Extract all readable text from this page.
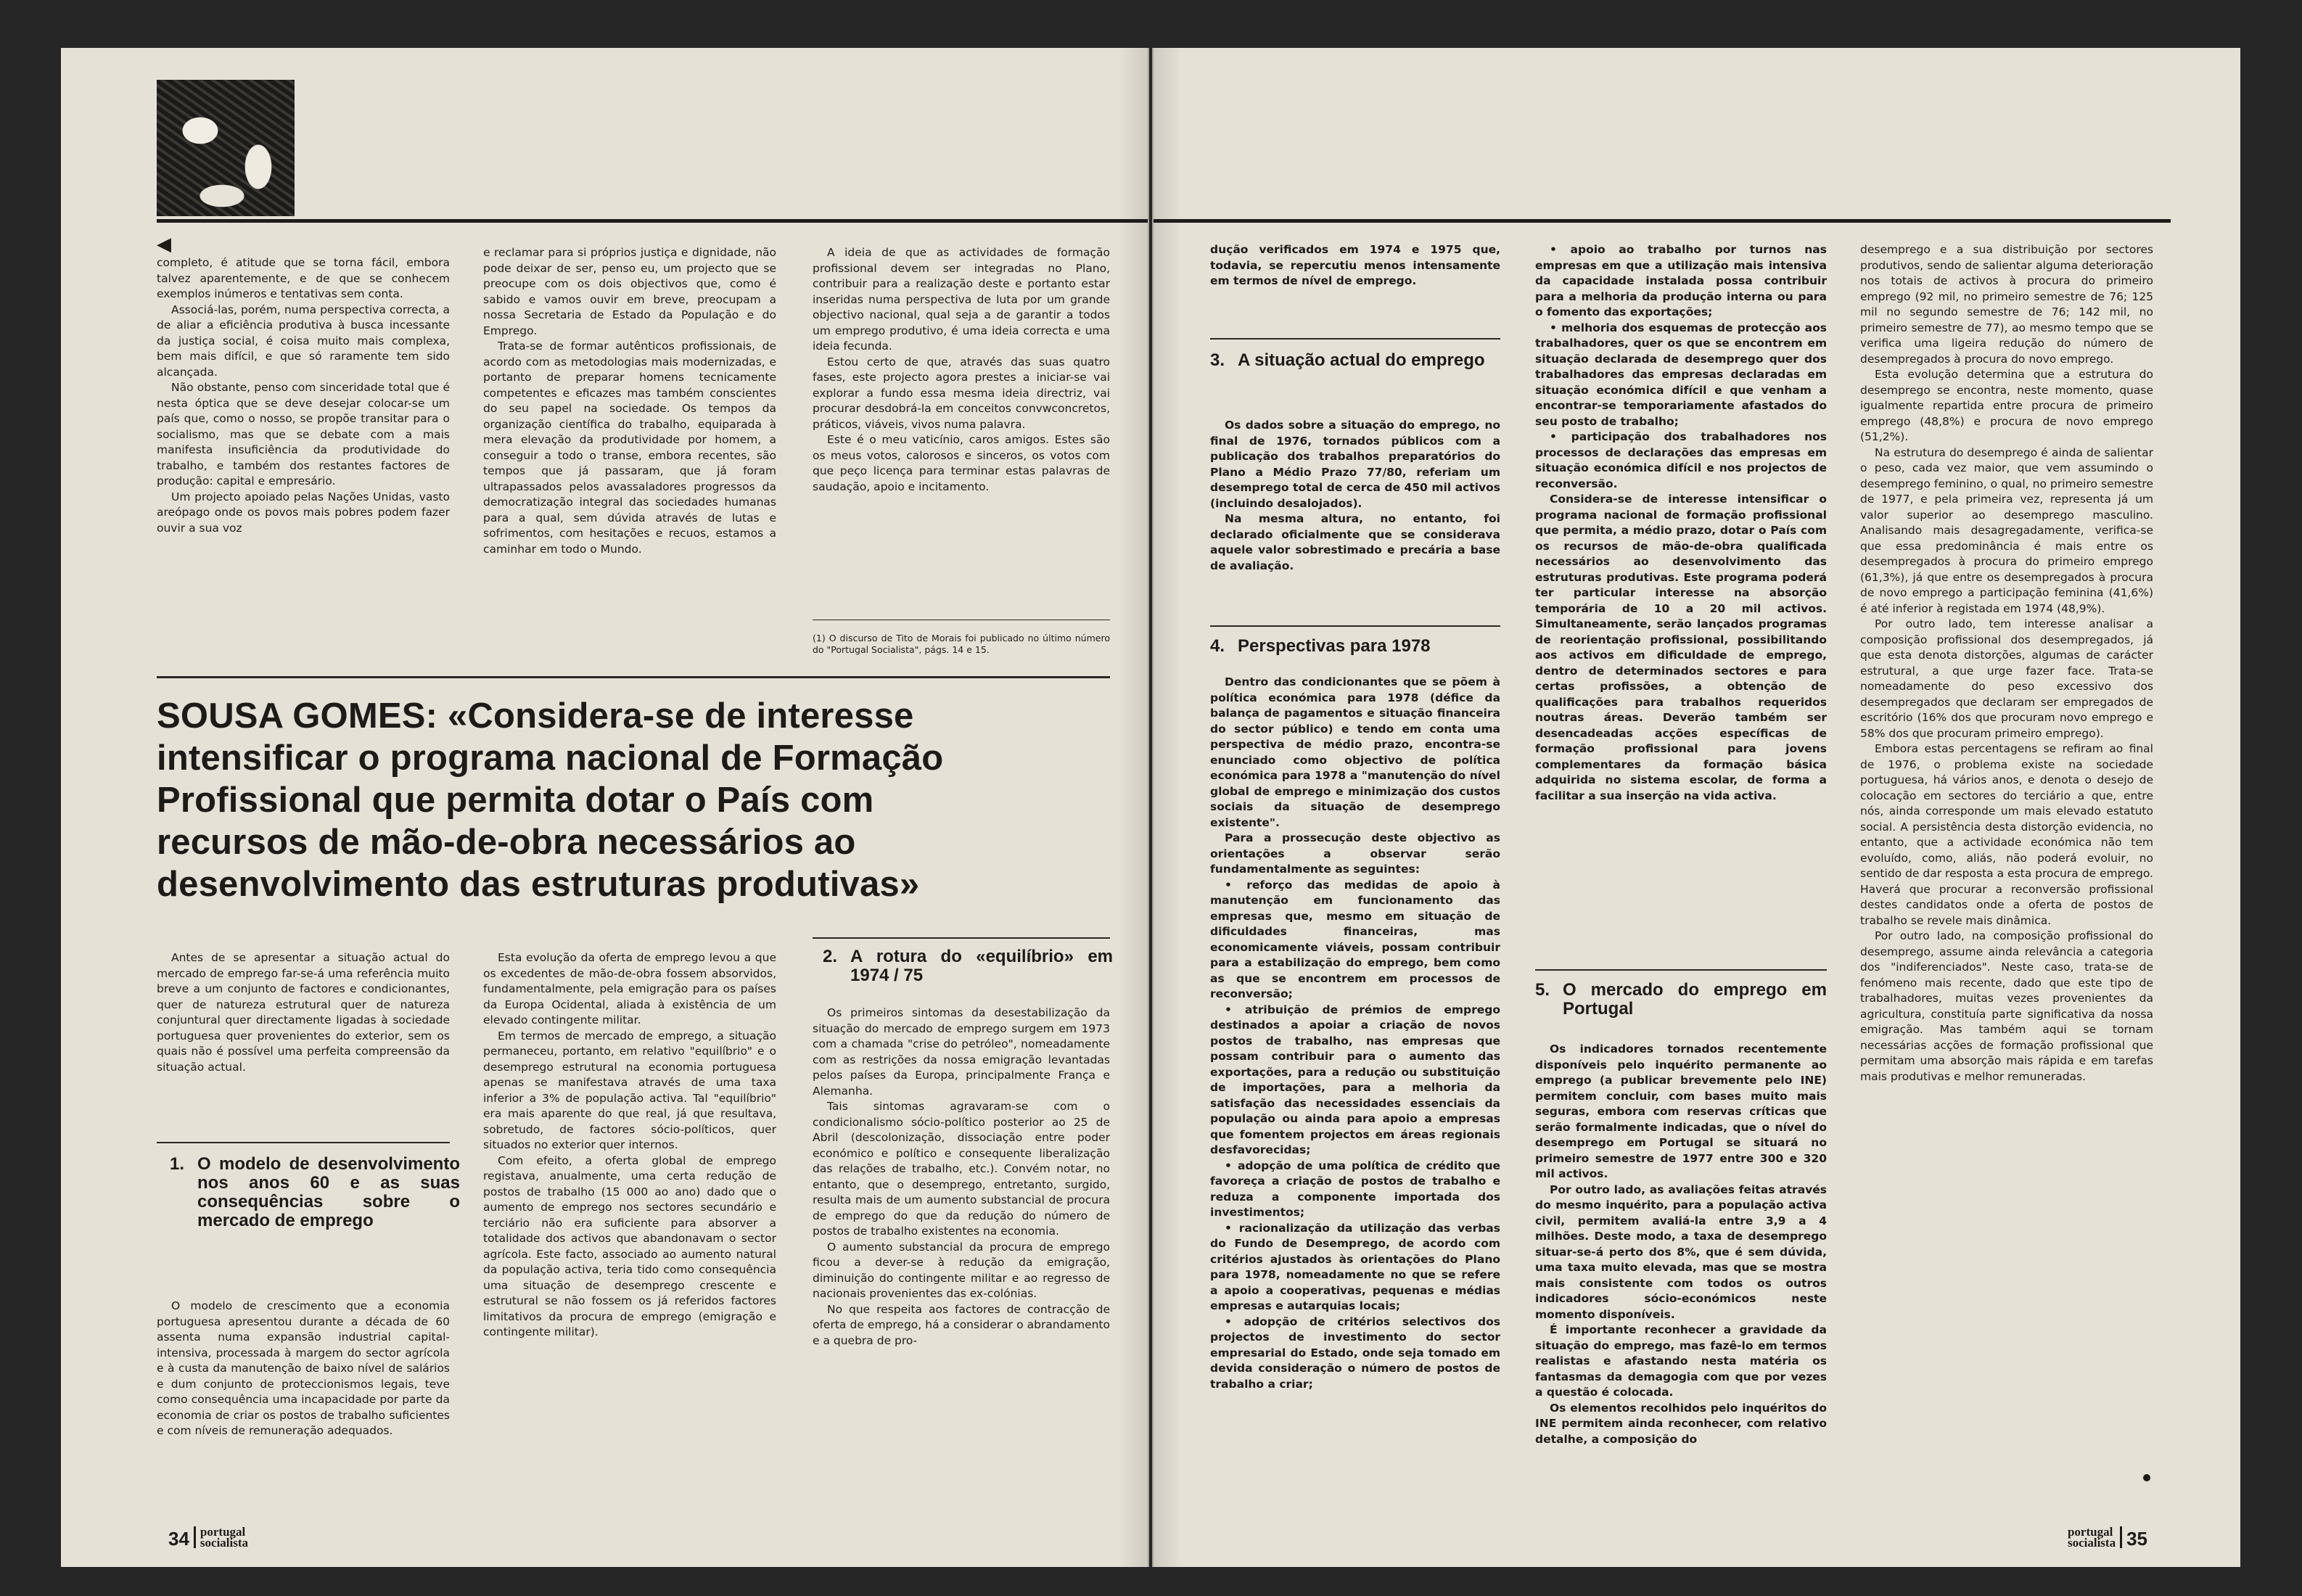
◀

completo, é atitude que se torna fácil, embora talvez aparentemente, e de que se conhecem exemplos inúmeros e tentativas sem conta.

Associá-las, porém, numa perspectiva correcta, a de aliar a eficiência produtiva à busca incessante da justiça social, é coisa muito mais complexa, bem mais difícil, e que só raramente tem sido alcançada.

Não obstante, penso com sinceridade total que é nesta óptica que se deve desejar colocar-se um país que, como o nosso, se propõe transitar para o socialismo, mas que se debate com a mais manifesta insuficiência da produtividade do trabalho, e também dos restantes factores de produção: capital e empresário.

Um projecto apoiado pelas Nações Unidas, vasto areópago onde os povos mais pobres podem fazer ouvir a sua voz

e reclamar para si próprios justiça e dignidade, não pode deixar de ser, penso eu, um projecto que se preocupe com os dois objectivos que, como é sabido e vamos ouvir em breve, preocupam a nossa Secretaria de Estado da População e do Emprego.

Trata-se de formar autênticos profissionais, de acordo com as metodologias mais modernizadas, e portanto de preparar homens tecnicamente competentes e eficazes mas também conscientes do seu papel na sociedade. Os tempos da organização científica do trabalho, equiparada à mera elevação da produtividade por homem, a conseguir a todo o transe, embora recentes, são tempos que já passaram, que já foram ultrapassados pelos avassaladores progressos da democratização integral das sociedades humanas para a qual, sem dúvida através de lutas e sofrimentos, com hesitações e recuos, estamos a caminhar em todo o Mundo.

A ideia de que as actividades de formação profissional devem ser integradas no Plano, contribuir para a realização deste e portanto estar inseridas numa perspectiva de luta por um grande objectivo nacional, qual seja a de garantir a todos um emprego produtivo, é uma ideia correcta e uma ideia fecunda.

Estou certo de que, através das suas quatro fases, este projecto agora prestes a iniciar-se vai explorar a fundo essa mesma ideia directriz, vai procurar desdobrá-la em conceitos convwconcretos, práticos, viáveis, vivos numa palavra.

Este é o meu vaticínio, caros amigos. Estes são os meus votos, calorosos e sinceros, os votos com que peço licença para terminar estas palavras de saudação, apoio e incitamento.

(1) O discurso de Tito de Morais foi publicado no último número do "Portugal Socialista", págs. 14 e 15.

SOUSA GOMES: «Considera-se de interesse intensificar o programa nacional de Formação Profissional que permita dotar o País com recursos de mão-de-obra necessários ao desenvolvimento das estruturas produtivas»

Antes de se apresentar a situação actual do mercado de emprego far-se-á uma referência muito breve a um conjunto de factores e condicionantes, quer de natureza estrutural quer de natureza conjuntural quer directamente ligadas à sociedade portuguesa quer provenientes do exterior, sem os quais não é possível uma perfeita compreensão da situação actual.

1. O modelo de desenvolvimento nos anos 60 e as suas consequências sobre o mercado de emprego

O modelo de crescimento que a economia portuguesa apresentou durante a década de 60 assenta numa expansão industrial capital-intensiva, processada à margem do sector agrícola e à custa da manutenção de baixo nível de salários e dum conjunto de proteccionismos legais, teve como consequência uma incapacidade por parte da economia de criar os postos de trabalho suficientes e com níveis de remuneração adequados.

Esta evolução da oferta de emprego levou a que os excedentes de mão-de-obra fossem absorvidos, fundamentalmente, pela emigração para os países da Europa Ocidental, aliada à existência de um elevado contingente militar.

Em termos de mercado de emprego, a situação permaneceu, portanto, em relativo "equilíbrio" e o desemprego estrutural na economia portuguesa apenas se manifestava através de uma taxa inferior a 3% de população activa. Tal "equilíbrio" era mais aparente do que real, já que resultava, sobretudo, de factores sócio-políticos, quer situados no exterior quer internos.

Com efeito, a oferta global de emprego registava, anualmente, uma certa redução de postos de trabalho (15 000 ao ano) dado que o aumento de emprego nos sectores secundário e terciário não era suficiente para absorver a totalidade dos activos que abandonavam o sector agrícola. Este facto, associado ao aumento natural da população activa, teria tido como consequência uma situação de desemprego crescente e estrutural se não fossem os já referidos factores limitativos da procura de emprego (emigração e contingente militar).

2. A rotura do «equilíbrio» em 1974 / 75

Os primeiros sintomas da desestabilização da situação do mercado de emprego surgem em 1973 com a chamada "crise do petróleo", nomeadamente com as restrições da nossa emigração levantadas pelos países da Europa, principalmente França e Alemanha.

Tais sintomas agravaram-se com o condicionalismo sócio-político posterior ao 25 de Abril (descolonização, dissociação entre poder económico e político e consequente liberalização das relações de trabalho, etc.). Convém notar, no entanto, que o desemprego, entretanto, surgido, resulta mais de um aumento substancial de procura de emprego do que da redução do número de postos de trabalho existentes na economia.

O aumento substancial da procura de emprego ficou a dever-se à redução da emigração, diminuição do contingente militar e ao regresso de nacionais provenientes das ex-colónias.

No que respeita aos factores de contracção de oferta de emprego, há a considerar o abrandamento e a quebra de pro-

34 portugal
socialista

dução verificados em 1974 e 1975 que, todavia, se repercutiu menos intensamente em termos de nível de emprego.

3. A situação actual do emprego

Os dados sobre a situação do emprego, no final de 1976, tornados públicos com a publicação dos trabalhos preparatórios do Plano a Médio Prazo 77/80, referiam um desemprego total de cerca de 450 mil activos (incluindo desalojados).

Na mesma altura, no entanto, foi declarado oficialmente que se considerava aquele valor sobrestimado e precária a base de avaliação.

4. Perspectivas para 1978

Dentro das condicionantes que se põem à política económica para 1978 (défice da balança de pagamentos e situação financeira do sector público) e tendo em conta uma perspectiva de médio prazo, encontra-se enunciado como objectivo de política económica para 1978 a "manutenção do nível global de emprego e minimização dos custos sociais da situação de desemprego existente".

Para a prossecução deste objectivo as orientações a observar serão fundamentalmente as seguintes:

• reforço das medidas de apoio à manutenção em funcionamento das empresas que, mesmo em situação de dificuldades financeiras, mas economicamente viáveis, possam contribuir para a estabilização do emprego, bem como as que se encontrem em processos de reconversão;

• atribuição de prémios de emprego destinados a apoiar a criação de novos postos de trabalho, nas empresas que possam contribuir para o aumento das exportações, para a redução ou substituição de importações, para a melhoria da satisfação das necessidades essenciais da população ou ainda para apoio a empresas que fomentem projectos em áreas regionais desfavorecidas;

• adopção de uma política de crédito que favoreça a criação de postos de trabalho e reduza a componente importada dos investimentos;

• racionalização da utilização das verbas do Fundo de Desemprego, de acordo com critérios ajustados às orientações do Plano para 1978, nomeadamente no que se refere a apoio a cooperativas, pequenas e médias empresas e autarquias locais;

• adopção de critérios selectivos dos projectos de investimento do sector empresarial do Estado, onde seja tomado em devida consideração o número de postos de trabalho a criar;

• apoio ao trabalho por turnos nas empresas em que a utilização mais intensiva da capacidade instalada possa contribuir para a melhoria da produção interna ou para o fomento das exportações;

• melhoria dos esquemas de protecção aos trabalhadores, quer os que se encontrem em situação declarada de desemprego quer dos trabalhadores das empresas declaradas em situação económica difícil e que venham a encontrar-se temporariamente afastados do seu posto de trabalho;

• participação dos trabalhadores nos processos de declarações das empresas em situação económica difícil e nos projectos de reconversão.

Considera-se de interesse intensificar o programa nacional de formação profissional que permita, a médio prazo, dotar o País com os recursos de mão-de-obra qualificada necessários ao desenvolvimento das estruturas produtivas. Este programa poderá ter particular interesse na absorção temporária de 10 a 20 mil activos. Simultaneamente, serão lançados programas de reorientação profissional, possibilitando aos activos em dificuldade de emprego, dentro de determinados sectores e para certas profissões, a obtenção de qualificações para trabalhos requeridos noutras áreas. Deverão também ser desencadeadas acções específicas de formação profissional para jovens complementares da formação básica adquirida no sistema escolar, de forma a facilitar a sua inserção na vida activa.

5. O mercado do emprego em Portugal

Os indicadores tornados recentemente disponíveis pelo inquérito permanente ao emprego (a publicar brevemente pelo INE) permitem concluir, com bases muito mais seguras, embora com reservas críticas que serão formalmente indicadas, que o nível do desemprego em Portugal se situará no primeiro semestre de 1977 entre 300 e 320 mil activos.

Por outro lado, as avaliações feitas através do mesmo inquérito, para a população activa civil, permitem avaliá-la entre 3,9 a 4 milhões. Deste modo, a taxa de desemprego situar-se-á perto dos 8%, que é sem dúvida, uma taxa muito elevada, mas que se mostra mais consistente com todos os outros indicadores sócio-económicos neste momento disponíveis.

É importante reconhecer a gravidade da situação do emprego, mas fazê-lo em termos realistas e afastando nesta matéria os fantasmas da demagogia com que por vezes a questão é colocada.

Os elementos recolhidos pelo inquéritos do INE permitem ainda reconhecer, com relativo detalhe, a composição do

desemprego e a sua distribuição por sectores produtivos, sendo de salientar alguma deterioração nos totais de activos à procura do primeiro emprego (92 mil, no primeiro semestre de 76; 125 mil no segundo semestre de 76; 142 mil, no primeiro semestre de 77), ao mesmo tempo que se verifica uma ligeira redução do número de desempregados à procura do novo emprego.

Esta evolução determina que a estrutura do desemprego se encontra, neste momento, quase igualmente repartida entre procura de primeiro emprego (48,8%) e procura de novo emprego (51,2%).

Na estrutura do desemprego é ainda de salientar o peso, cada vez maior, que vem assumindo o desemprego feminino, o qual, no primeiro semestre de 1977, e pela primeira vez, representa já um valor superior ao desemprego masculino. Analisando mais desagregadamente, verifica-se que essa predominância é mais entre os desempregados à procura do primeiro emprego (61,3%), já que entre os desempregados à procura de novo emprego a participação feminina (41,6%) é até inferior à registada em 1974 (48,9%).

Por outro lado, tem interesse analisar a composição profissional dos desempregados, já que esta denota distorções, algumas de carácter estrutural, a que urge fazer face. Trata-se nomeadamente do peso excessivo dos desempregados que declaram ser empregados de escritório (16% dos que procuram novo emprego e 58% dos que procuram primeiro emprego).

Embora estas percentagens se refiram ao final de 1976, o problema existe na sociedade portuguesa, há vários anos, e denota o desejo de colocação em sectores do terciário a que, entre nós, ainda corresponde um mais elevado estatuto social. A persistência desta distorção evidencia, no entanto, que a actividade económica não tem evoluído, como, aliás, não poderá evoluir, no sentido de dar resposta a esta procura de emprego. Haverá que procurar a reconversão profissional destes candidatos onde a oferta de postos de trabalho se revele mais dinâmica.

Por outro lado, na composição profissional do desemprego, assume ainda relevância a categoria dos "indiferenciados". Neste caso, trata-se de fenómeno mais recente, dado que este tipo de trabalhadores, muitas vezes provenientes da agricultura, constituía parte significativa da nossa emigração. Mas também aqui se tornam necessárias acções de formação profissional que permitam uma absorção mais rápida e em tarefas mais produtivas e melhor remuneradas.

portugal
socialista 35
